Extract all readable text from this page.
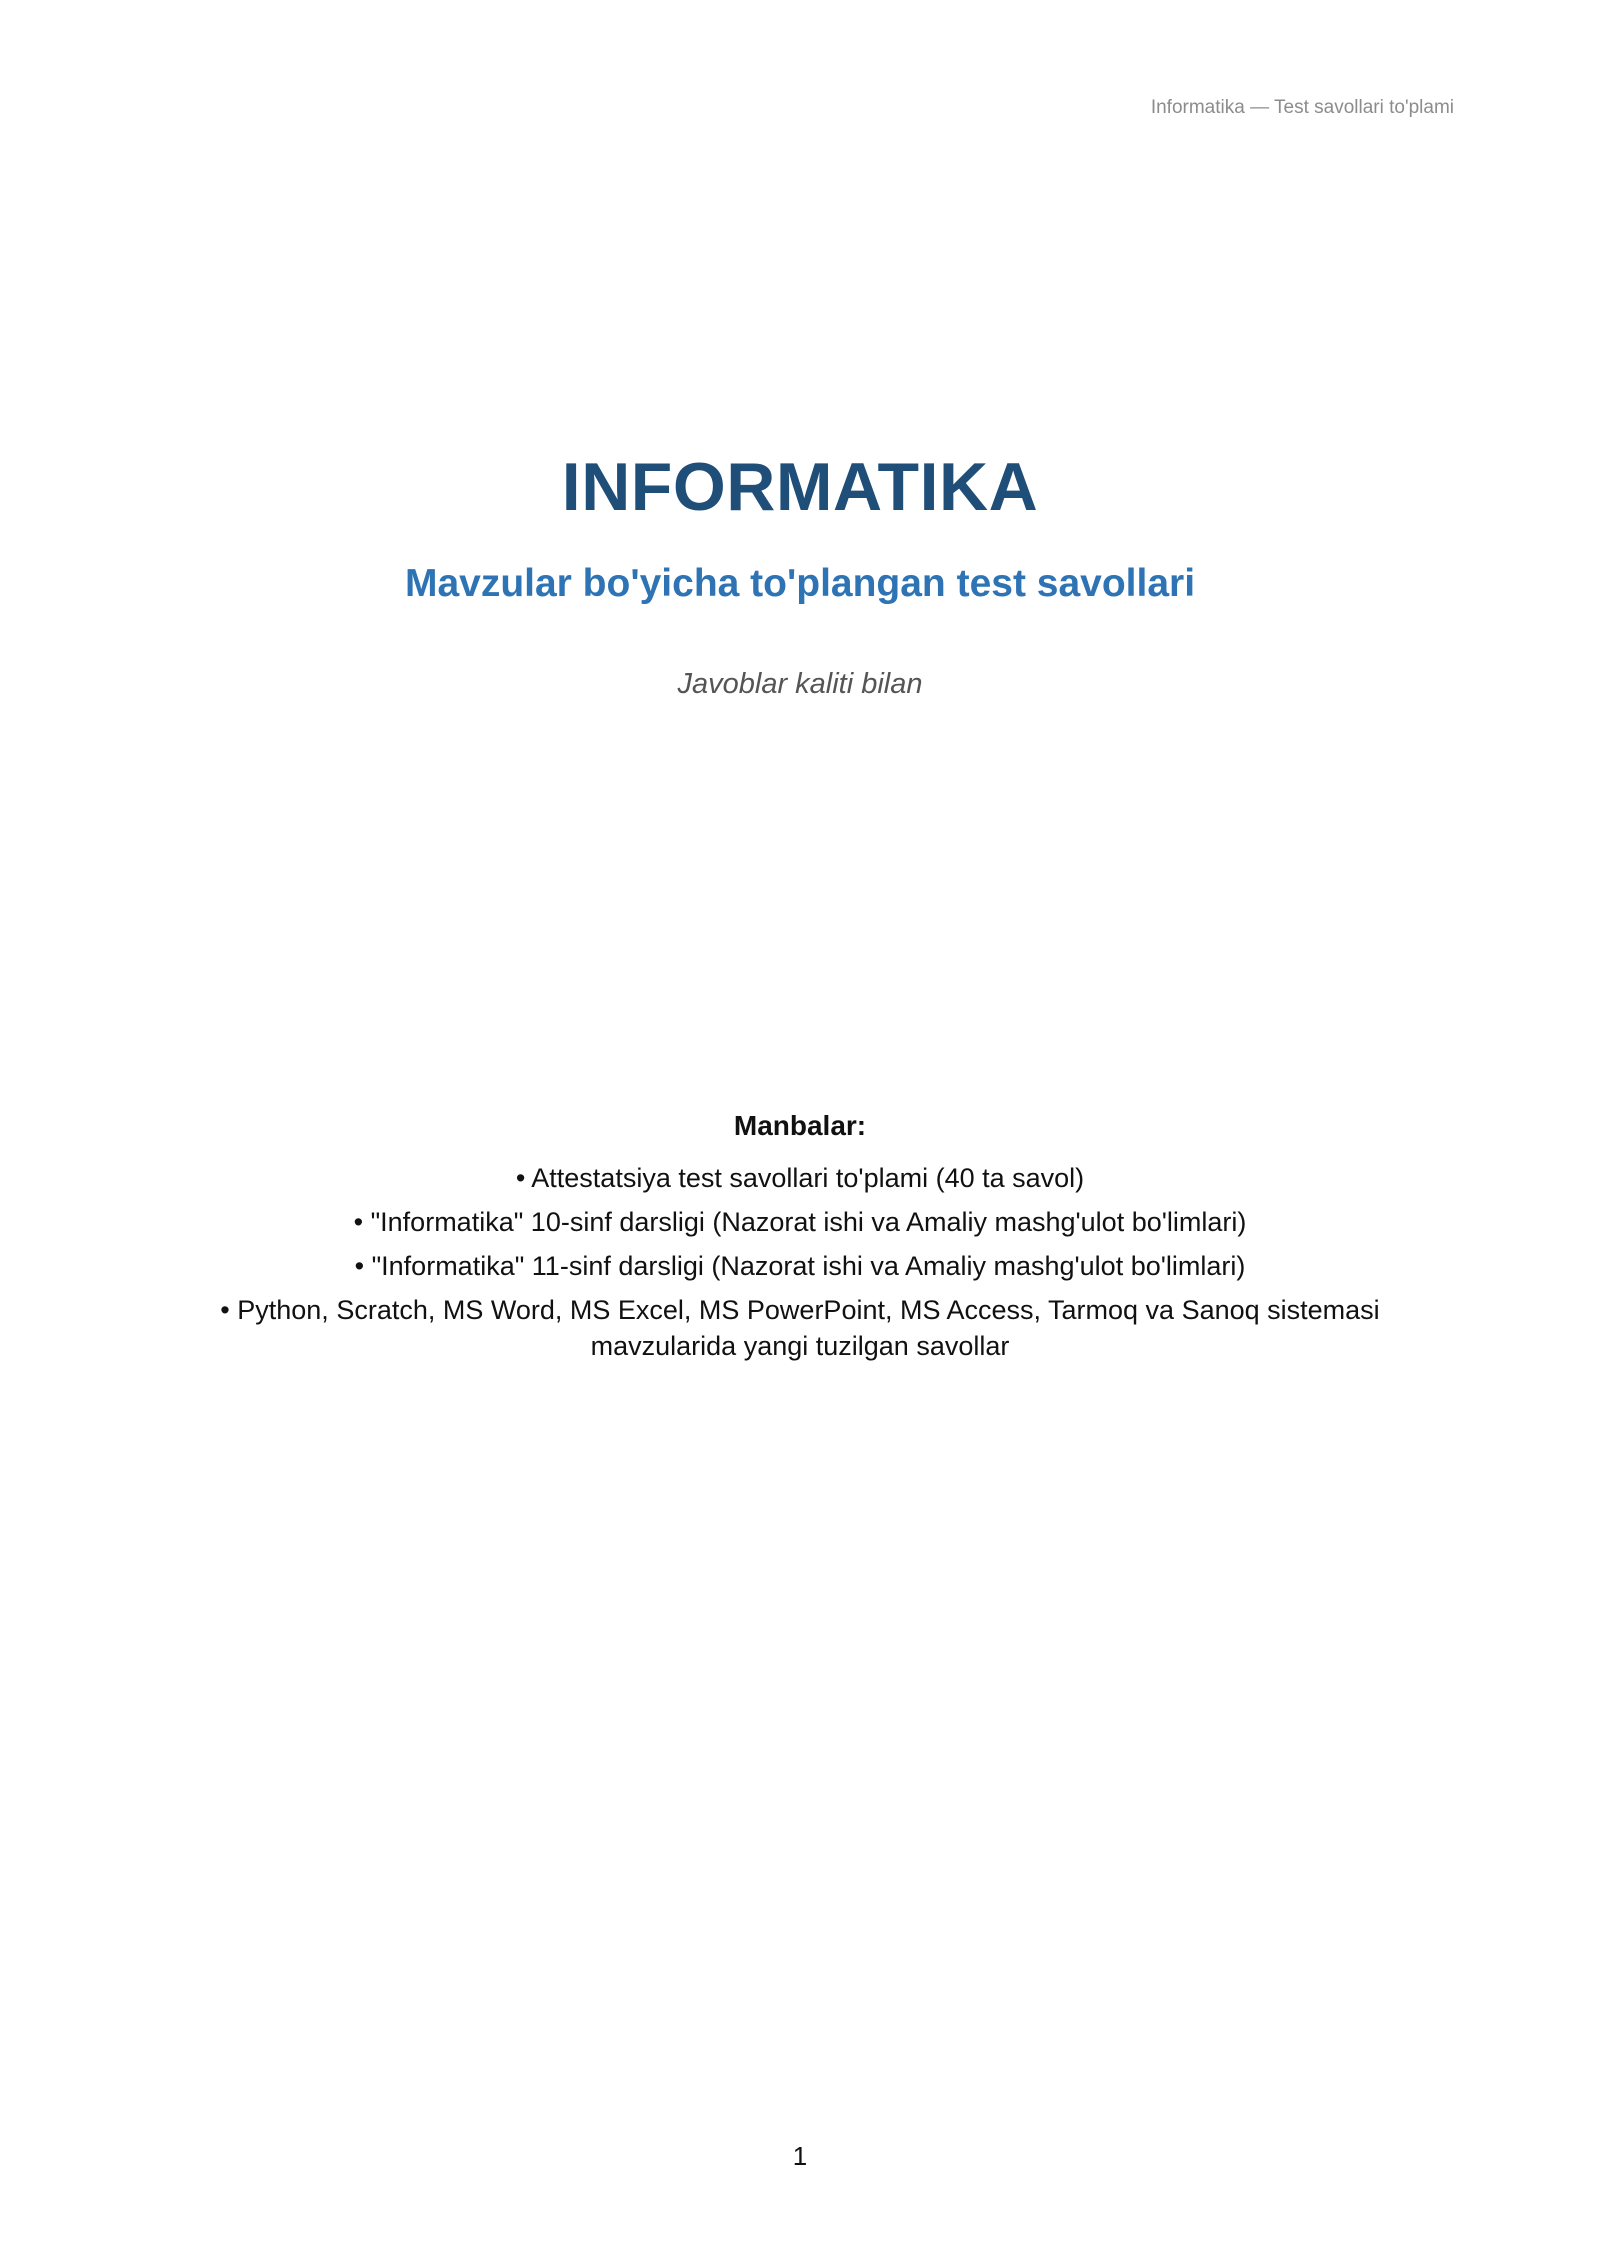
Informatika — Test savollari to'plami
INFORMATIKA
Mavzular bo'yicha to'plangan test savollari
Javoblar kaliti bilan
Manbalar:
• Attestatsiya test savollari to'plami (40 ta savol)
• "Informatika" 10-sinf darsligi (Nazorat ishi va Amaliy mashg'ulot bo'limlari)
• "Informatika" 11-sinf darsligi (Nazorat ishi va Amaliy mashg'ulot bo'limlari)
• Python, Scratch, MS Word, MS Excel, MS PowerPoint, MS Access, Tarmoq va Sanoq sistemasi mavzularida yangi tuzilgan savollar
1
